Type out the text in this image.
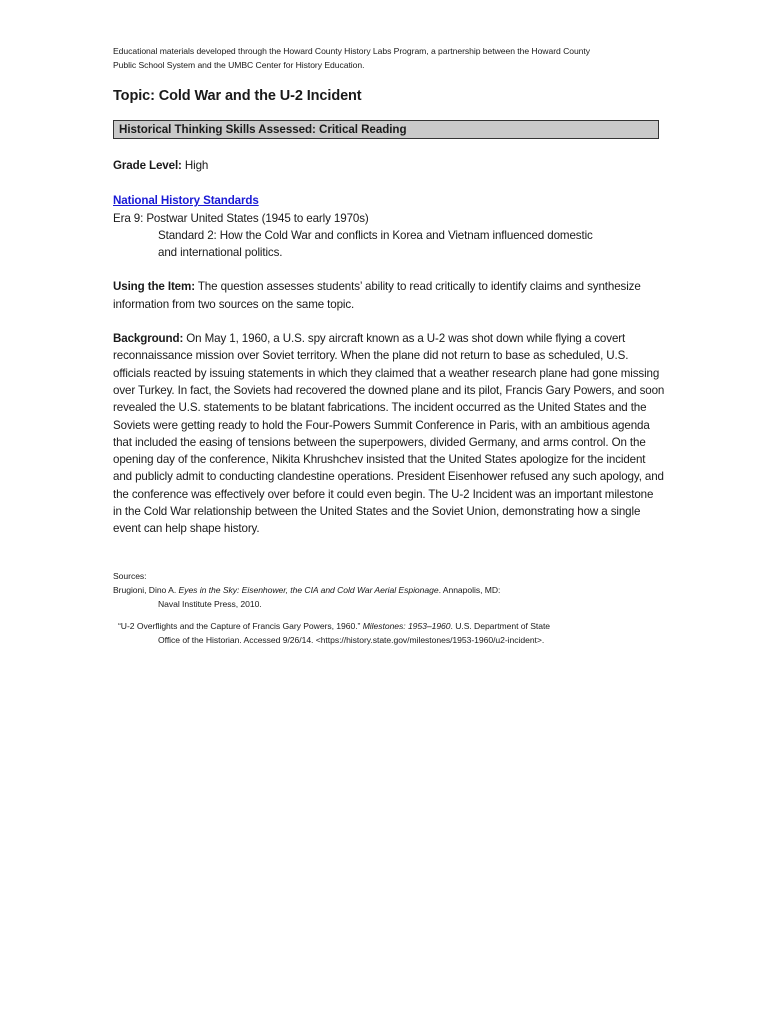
Educational materials developed through the Howard County History Labs Program, a partnership between the Howard County
Public School System and the UMBC Center for History Education.
Topic: Cold War and the U-2 Incident
Historical Thinking Skills Assessed: Critical Reading
Grade Level: High
National History Standards
Era 9: Postwar United States (1945 to early 1970s)
Standard 2: How the Cold War and conflicts in Korea and Vietnam influenced domestic
and international politics.
Using the Item: The question assesses students’ ability to read critically to identify claims and synthesize information from two sources on the same topic.
Background: On May 1, 1960, a U.S. spy aircraft known as a U-2 was shot down while flying a covert reconnaissance mission over Soviet territory. When the plane did not return to base as scheduled, U.S. officials reacted by issuing statements in which they claimed that a weather research plane had gone missing over Turkey. In fact, the Soviets had recovered the downed plane and its pilot, Francis Gary Powers, and soon revealed the U.S. statements to be blatant fabrications. The incident occurred as the United States and the Soviets were getting ready to hold the Four-Powers Summit Conference in Paris, with an ambitious agenda that included the easing of tensions between the superpowers, divided Germany, and arms control. On the opening day of the conference, Nikita Khrushchev insisted that the United States apologize for the incident and publicly admit to conducting clandestine operations. President Eisenhower refused any such apology, and the conference was effectively over before it could even begin. The U-2 Incident was an important milestone in the Cold War relationship between the United States and the Soviet Union, demonstrating how a single event can help shape history.
Sources:
Brugioni, Dino A. Eyes in the Sky: Eisenhower, the CIA and Cold War Aerial Espionage. Annapolis, MD:
Naval Institute Press, 2010.
“U-2 Overflights and the Capture of Francis Gary Powers, 1960.” Milestones: 1953–1960. U.S. Department of State
Office of the Historian. Accessed 9/26/14. <https://history.state.gov/milestones/1953-1960/u2-incident>.
